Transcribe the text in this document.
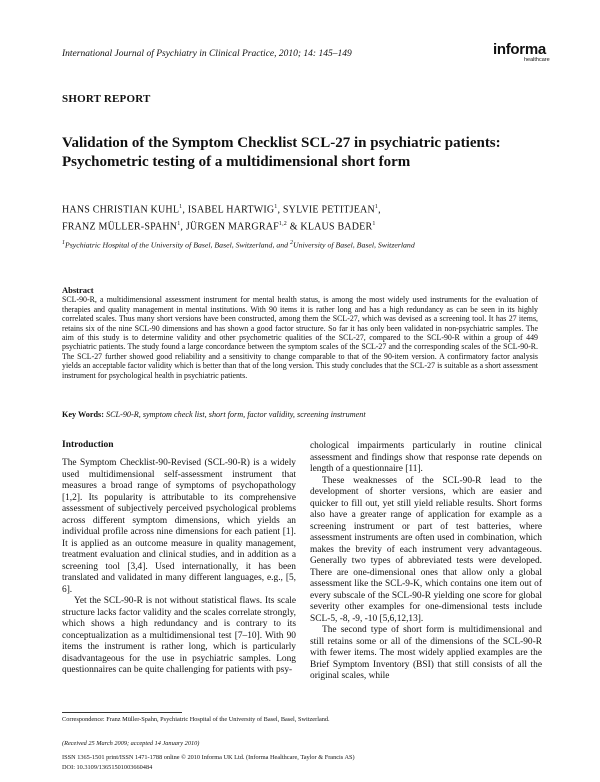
International Journal of Psychiatry in Clinical Practice, 2010; 14: 145–149	informa
healthcare
SHORT REPORT
Validation of the Symptom Checklist SCL-27 in psychiatric patients:
Psychometric testing of a multidimensional short form
HANS CHRISTIAN KUHL$^1$, ISABEL HARTWIG$^1$, SYLVIE PETITJEAN$^1$,
FRANZ MÜLLER-SPAHN$^1$, JÜRGEN MARGRAF$^{1,2}$ & KLAUS BADER$^1$
$^1$Psychiatric Hospital of the University of Basel, Basel, Switzerland, and $^2$University of Basel, Basel, Switzerland
Abstract
SCL-90-R, a multidimensional assessment instrument for mental health status, is among the most widely used instruments for the evaluation of therapies and quality management in mental institutions. With 90 items it is rather long and has a high redundancy as can be seen in its highly correlated scales. Thus many short versions have been constructed, among them the SCL-27, which was devised as a screening tool. It has 27 items, retains six of the nine SCL-90 dimensions and has shown a good factor structure. So far it has only been validated in non-psychiatric samples. The aim of this study is to determine validity and other psychometric qualities of the SCL-27, compared to the SCL-90-R within a group of 449 psychiatric patients. The study found a large concordance between the symptom scales of the SCL-27 and the corresponding scales of the SCL-90-R. The SCL-27 further showed good reliability and a sensitivity to change comparable to that of the 90-item version. A confirmatory factor analysis yields an acceptable factor validity which is better than that of the long version. This study concludes that the SCL-27 is suitable as a short assessment instrument for psychological health in psychiatric patients.
Key Words: SCL-90-R, symptom check list, short form, factor validity, screening instrument
Introduction

The Symptom Checklist-90-Revised (SCL-90-R) is a widely used multidimensional self-assessment instrument that measures a broad range of symptoms of psychopathology [1,2]. Its popularity is attributable to its comprehensive assessment of subjectively perceived psychological problems across different symptom dimensions, which yields an individual profile across nine dimensions for each patient [1]. It is applied as an outcome measure in quality management, treatment evaluation and clinical studies, and in addition as a screening tool [3,4]. Used internationally, it has been translated and validated in many different languages, e.g., [5, 6].

Yet the SCL-90-R is not without statistical flaws. Its scale structure lacks factor validity and the scales correlate strongly, which shows a high redundancy and is contrary to its conceptualization as a multidimensional test [7–10]. With 90 items the instrument is rather long, which is particularly disadvantageous for the use in psychiatric samples. Long questionnaires can be quite challenging for patients with psy-

chological impairments particularly in routine clinical assessment and findings show that response rate depends on length of a questionnaire [11].

These weaknesses of the SCL-90-R lead to the development of shorter versions, which are easier and quicker to fill out, yet still yield reliable results. Short forms also have a greater range of application for example as a screening instrument or part of test batteries, where assessment instruments are often used in combination, which makes the brevity of each instrument very advantageous. Generally two types of abbreviated tests were developed. There are one-dimensional ones that allow only a global assessment like the SCL-9-K, which contains one item out of every subscale of the SCL-90-R yielding one score for global severity other examples for one-dimensional tests include SCL-5, -8, -9, -10 [5,6,12,13].

The second type of short form is multidimensional and still retains some or all of the dimensions of the SCL-90-R with fewer items. The most widely applied examples are the Brief Symptom Inventory (BSI) that still consists of all the original scales, while

Correspondence: Franz Müller-Spahn, Psychiatric Hospital of the University of Basel, Basel, Switzerland.
(Received 25 March 2009; accepted 14 January 2010)
ISSN 1365-1501 print/ISSN 1471-1788 online © 2010 Informa UK Ltd. (Informa Healthcare, Taylor & Francis AS)
DOI: 10.3109/13651501003660484
